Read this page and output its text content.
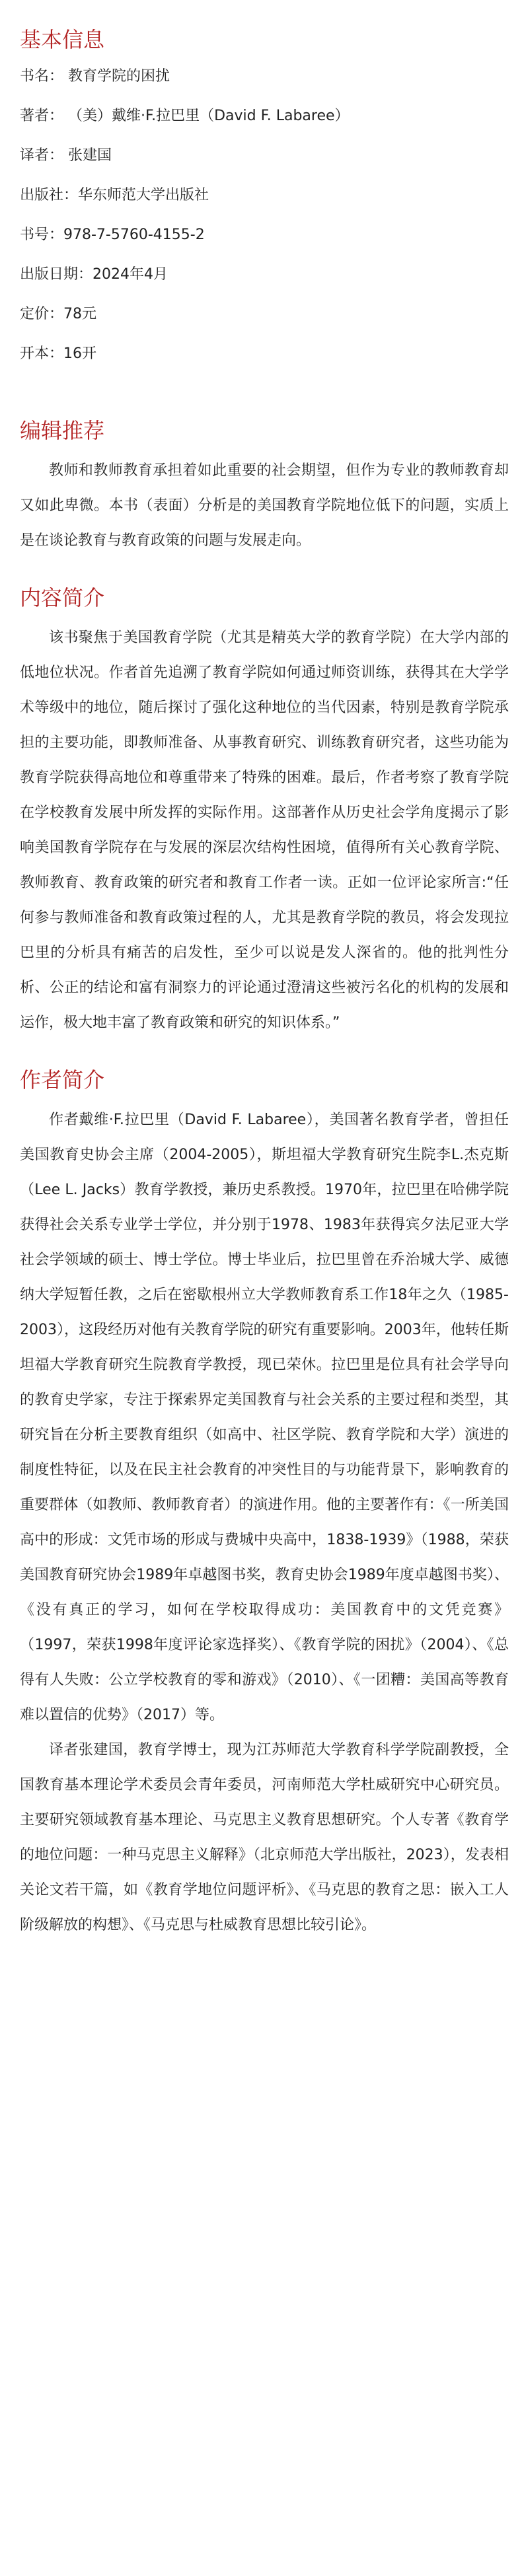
基本信息

书名： 教育学院的困扰

著者： （美）戴维·F.拉巴里（David F. Labaree）

译者： 张建国

出版社：华东师范大学出版社

书号：978-7-5760-4155-2

出版日期：2024年4月

定价：78元

开本：16开

编辑推荐

教师和教师教育承担着如此重要的社会期望，但作为专业的教师教育却又如此卑微。本书（表面）分析是的美国教育学院地位低下的问题，实质上是在谈论教育与教育政策的问题与发展走向。

内容简介

该书聚焦于美国教育学院（尤其是精英大学的教育学院）在大学内部的低地位状况。作者首先追溯了教育学院如何通过师资训练，获得其在大学学术等级中的地位，随后探讨了强化这种地位的当代因素，特别是教育学院承担的主要功能，即教师准备、从事教育研究、训练教育研究者，这些功能为教育学院获得高地位和尊重带来了特殊的困难。最后，作者考察了教育学院在学校教育发展中所发挥的实际作用。这部著作从历史社会学角度揭示了影响美国教育学院存在与发展的深层次结构性困境，值得所有关心教育学院、教师教育、教育政策的研究者和教育工作者一读。正如一位评论家所言:“任何参与教师准备和教育政策过程的人，尤其是教育学院的教员，将会发现拉巴里的分析具有痛苦的启发性，至少可以说是发人深省的。他的批判性分析、公正的结论和富有洞察力的评论通过澄清这些被污名化的机构的发展和运作，极大地丰富了教育政策和研究的知识体系。”

作者简介

作者戴维·F.拉巴里（David F. Labaree），美国著名教育学者，曾担任美国教育史协会主席（2004-2005），斯坦福大学教育研究生院李L.杰克斯（Lee L. Jacks）教育学教授，兼历史系教授。1970年，拉巴里在哈佛学院获得社会关系专业学士学位，并分别于1978、1983年获得宾夕法尼亚大学社会学领域的硕士、博士学位。博士毕业后，拉巴里曾在乔治城大学、威德纳大学短暂任教，之后在密歇根州立大学教师教育系工作18年之久（1985-2003），这段经历对他有关教育学院的研究有重要影响。2003年，他转任斯坦福大学教育研究生院教育学教授，现已荣休。拉巴里是位具有社会学导向的教育史学家，专注于探索界定美国教育与社会关系的主要过程和类型，其研究旨在分析主要教育组织（如高中、社区学院、教育学院和大学）演进的制度性特征，以及在民主社会教育的冲突性目的与功能背景下，影响教育的重要群体（如教师、教师教育者）的演进作用。他的主要著作有：《一所美国高中的形成：文凭市场的形成与费城中央高中，1838-1939》（1988，荣获美国教育研究协会1989年卓越图书奖，教育史协会1989年度卓越图书奖）、《没有真正的学习，如何在学校取得成功：美国教育中的文凭竞赛》（1997，荣获1998年度评论家选择奖）、《教育学院的困扰》（2004）、《总得有人失败：公立学校教育的零和游戏》（2010）、《一团糟：美国高等教育难以置信的优势》（2017）等。

译者张建国，教育学博士，现为江苏师范大学教育科学学院副教授，全国教育基本理论学术委员会青年委员，河南师范大学杜威研究中心研究员。主要研究领域教育基本理论、马克思主义教育思想研究。个人专著《教育学的地位问题：一种马克思主义解释》（北京师范大学出版社，2023），发表相关论文若干篇，如《教育学地位问题评析》、《马克思的教育之思：嵌入工人阶级解放的构想》、《马克思与杜威教育思想比较引论》。
